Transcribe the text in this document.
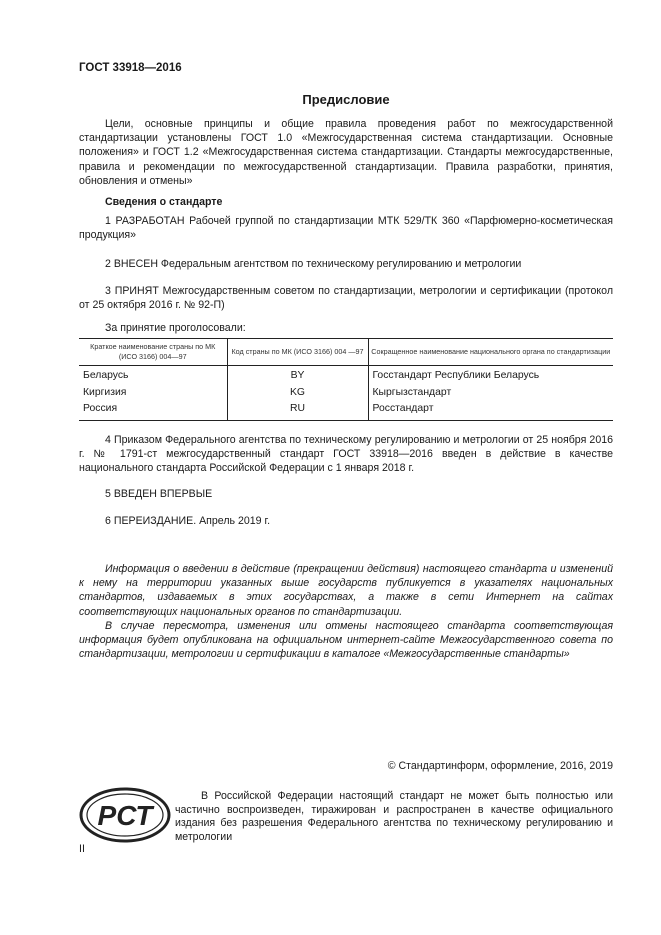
ГОСТ 33918—2016
Предисловие

Цели, основные принципы и общие правила проведения работ по межгосударственной стандартизации установлены ГОСТ 1.0 «Межгосударственная система стандартизации. Основные положения» и ГОСТ 1.2 «Межгосударственная система стандартизации. Стандарты межгосударственные, правила и рекомендации по межгосударственной стандартизации. Правила разработки, принятия, обновления и отмены»

Сведения о стандарте

1 РАЗРАБОТАН Рабочей группой по стандартизации МТК 529/ТК 360 «Парфюмерно-косметическая продукция»

2 ВНЕСЕН Федеральным агентством по техническому регулированию и метрологии

3 ПРИНЯТ Межгосударственным советом по стандартизации, метрологии и сертификации (протокол от 25 октября 2016 г. № 92-П)

За принятие проголосовали:

Краткое наименование страны по МК (ИСО 3166) 004—97	Код страны по МК (ИСО 3166) 004 —97	Сокращенное наименование национального органа по стандартизации
Беларусь	BY	Госстандарт Республики Беларусь
Киргизия	KG	Кыргызстандарт
Россия	RU	Росстандарт

4 Приказом Федерального агентства по техническому регулированию и метрологии от 25 ноября 2016 г. № 1791-ст межгосударственный стандарт ГОСТ 33918—2016 введен в действие в качестве национального стандарта Российской Федерации с 1 января 2018 г.

5 ВВЕДЕН ВПЕРВЫЕ

6 ПЕРЕИЗДАНИЕ. Апрель 2019 г.

Информация о введении в действие (прекращении действия) настоящего стандарта и изменений к нему на территории указанных выше государств публикуется в указателях национальных стандартов, издаваемых в этих государствах, а также в сети Интернет на сайтах соответствующих национальных органов по стандартизации.

В случае пересмотра, изменения или отмены настоящего стандарта соответствующая информация будет опубликована на официальном интернет-сайте Межгосударственного совета по стандартизации, метрологии и сертификации в каталоге «Межгосударственные стандарты»

© Стандартинформ, оформление, 2016, 2019
РСТ

В Российской Федерации настоящий стандарт не может быть полностью или частично воспроизведен, тиражирован и распространен в качестве официального издания без разрешения Федерального агентства по техническому регулированию и метрологии

II
